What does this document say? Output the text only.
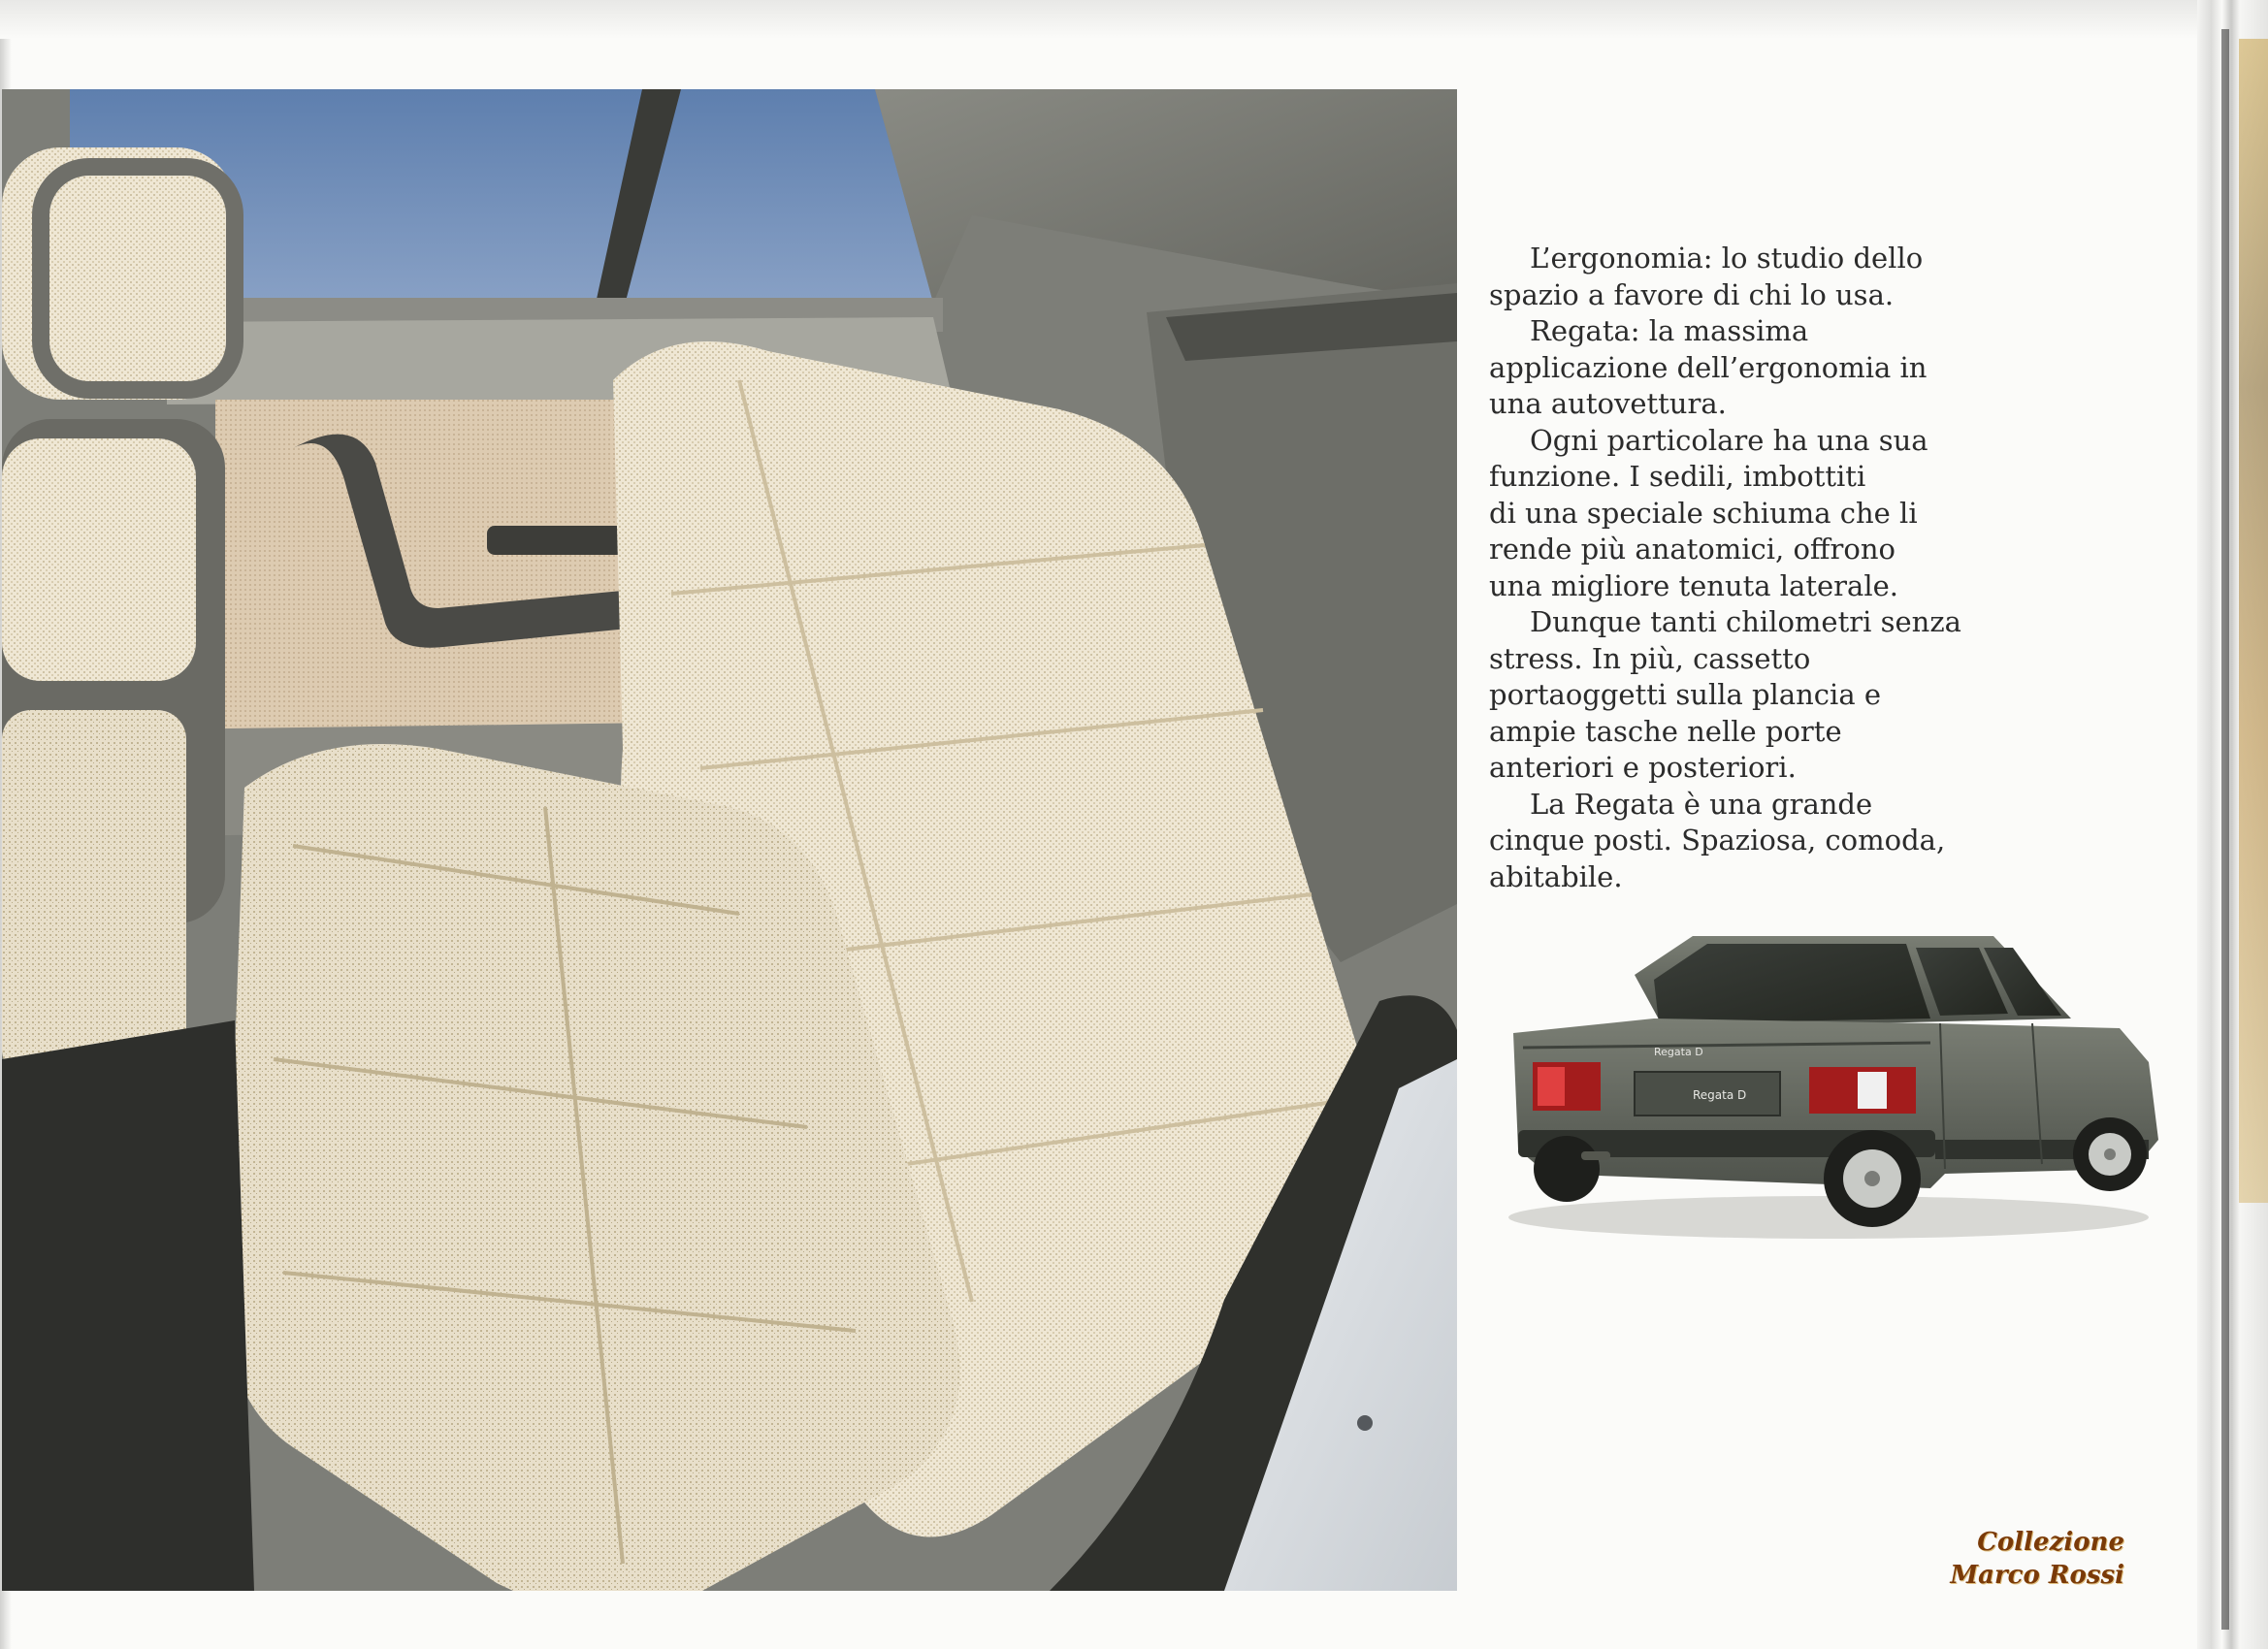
L’ergonomia: lo studio dello
spazio a favore di chi lo usa.

Regata: la massima
applicazione dell’ergonomia in
una autovettura.

Ogni particolare ha una sua
funzione. I sedili, imbottiti
di una speciale schiuma che li
rende più anatomici, offrono
una migliore tenuta laterale.

Dunque tanti chilometri senza
stress. In più, cassetto
portaoggetti sulla plancia e
ampie tasche nelle porte
anteriori e posteriori.

La Regata è una grande
cinque posti. Spaziosa, comoda,
abitabile.

Regata D
Regata D
Collezione
Marco Rossi
